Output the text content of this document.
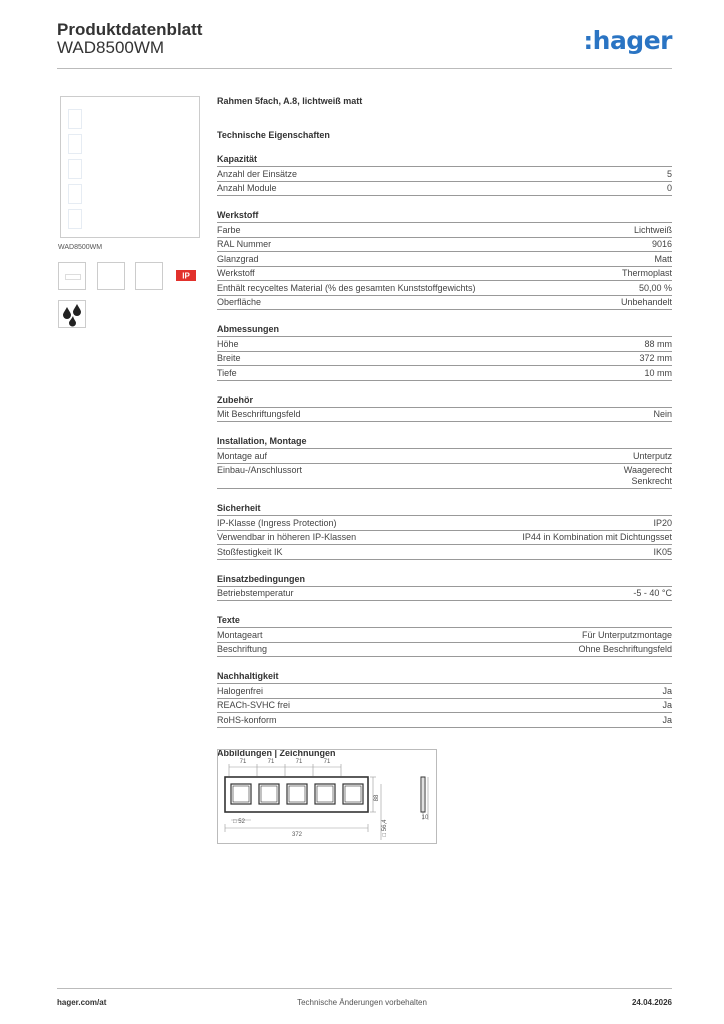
Produktdatenblatt
WAD8500WM	:hager
WAD8500WM
IP
Rahmen 5fach, A.8, lichtweiß matt
Technische Eigenschaften
Kapazität
Anzahl der Einsätze	5
Anzahl Module	0
Werkstoff
Farbe	Lichtweiß
RAL Nummer	9016
Glanzgrad	Matt
Werkstoff	Thermoplast
Enthält recyceltes Material (% des gesamten Kunststoffgewichts)	50,00 %
Oberfläche	Unbehandelt
Abmessungen
Höhe	88 mm
Breite	372 mm
Tiefe	10 mm
Zubehör
Mit Beschriftungsfeld	Nein
Installation, Montage
Montage auf	Unterputz
Einbau-/Anschlussort	Waagerecht
Senkrecht
Sicherheit
IP-Klasse (Ingress Protection)	IP20
Verwendbar in höheren IP-Klassen	IP44 in Kombination mit Dichtungsset
Stoßfestigkeit IK	IK05
Einsatzbedingungen
Betriebstemperatur	-5 - 40 °C
Texte
Montageart	Für Unterputzmontage
Beschriftung	Ohne Beschriftungsfeld
Nachhaltigkeit
Halogenfrei	Ja
REACh-SVHC frei	Ja
RoHS-konform	Ja
Abbildungen | Zeichnungen
71	71	71	71
88
□ 52
372	□ 56,4
10
Technische Änderungen vorbehalten
hager.com/at	24.04.2026
